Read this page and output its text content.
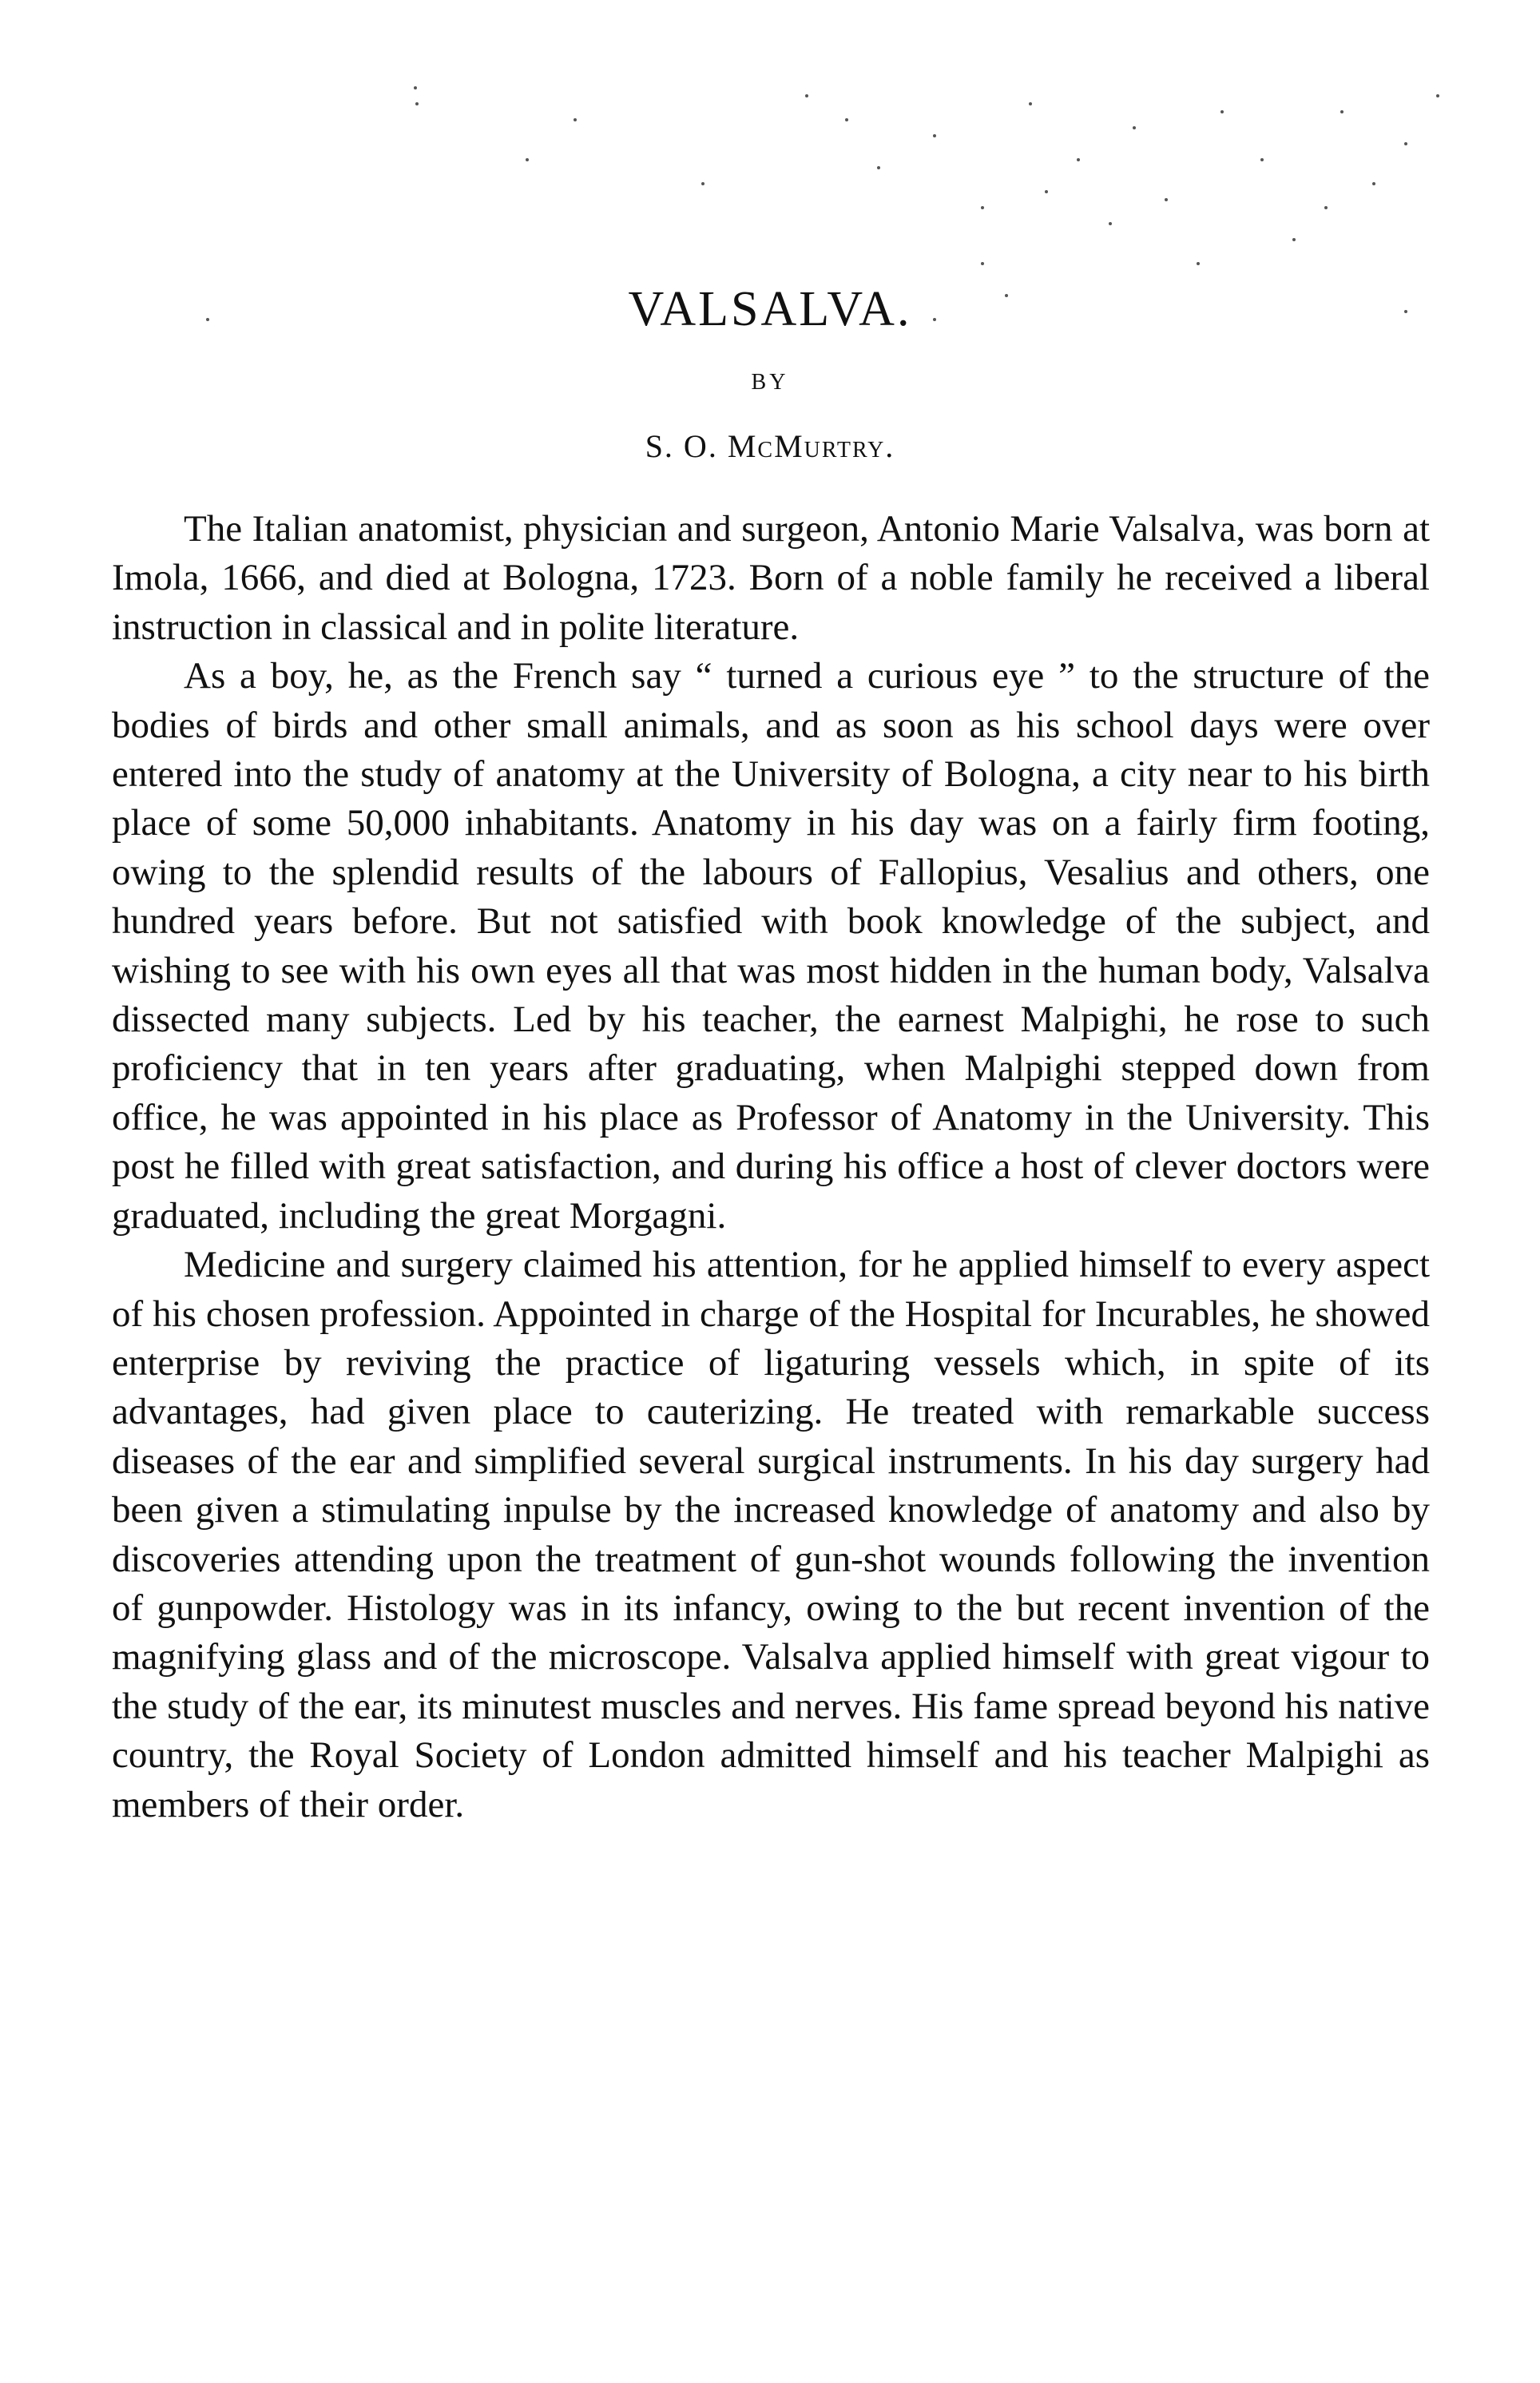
VALSALVA.
BY
S. O. McMurtry.

The Italian anatomist, physician and surgeon, Antonio Marie Valsalva, was born at Imola, 1666, and died at Bologna, 1723. Born of a noble family he received a liberal instruction in classical and in polite literature.

As a boy, he, as the French say “ turned a curious eye ” to the structure of the bodies of birds and other small animals, and as soon as his school days were over entered into the study of anatomy at the University of Bologna, a city near to his birth place of some 50,000 inhabitants. Anatomy in his day was on a fairly firm footing, owing to the splendid results of the labours of Fallopius, Vesalius and others, one hundred years before. But not satisfied with book knowledge of the subject, and wishing to see with his own eyes all that was most hidden in the human body, Valsalva dissected many subjects. Led by his teacher, the earnest Malpighi, he rose to such proficiency that in ten years after graduating, when Malpighi stepped down from office, he was appointed in his place as Professor of Anatomy in the University. This post he filled with great satisfaction, and during his office a host of clever doctors were graduated, including the great Morgagni.

Medicine and surgery claimed his attention, for he applied himself to every aspect of his chosen profession. Appointed in charge of the Hospital for Incurables, he showed enterprise by reviving the practice of ligaturing vessels which, in spite of its advantages, had given place to cauterizing. He treated with remarkable success diseases of the ear and simplified several surgical instruments. In his day surgery had been given a stimulating inpulse by the increased knowledge of anatomy and also by discoveries attending upon the treatment of gun-shot wounds following the invention of gunpowder. Histology was in its infancy, owing to the but recent invention of the magnifying glass and of the microscope. Valsalva applied himself with great vigour to the study of the ear, its minutest muscles and nerves. His fame spread beyond his native country, the Royal Society of London admitted himself and his teacher Malpighi as members of their order.
